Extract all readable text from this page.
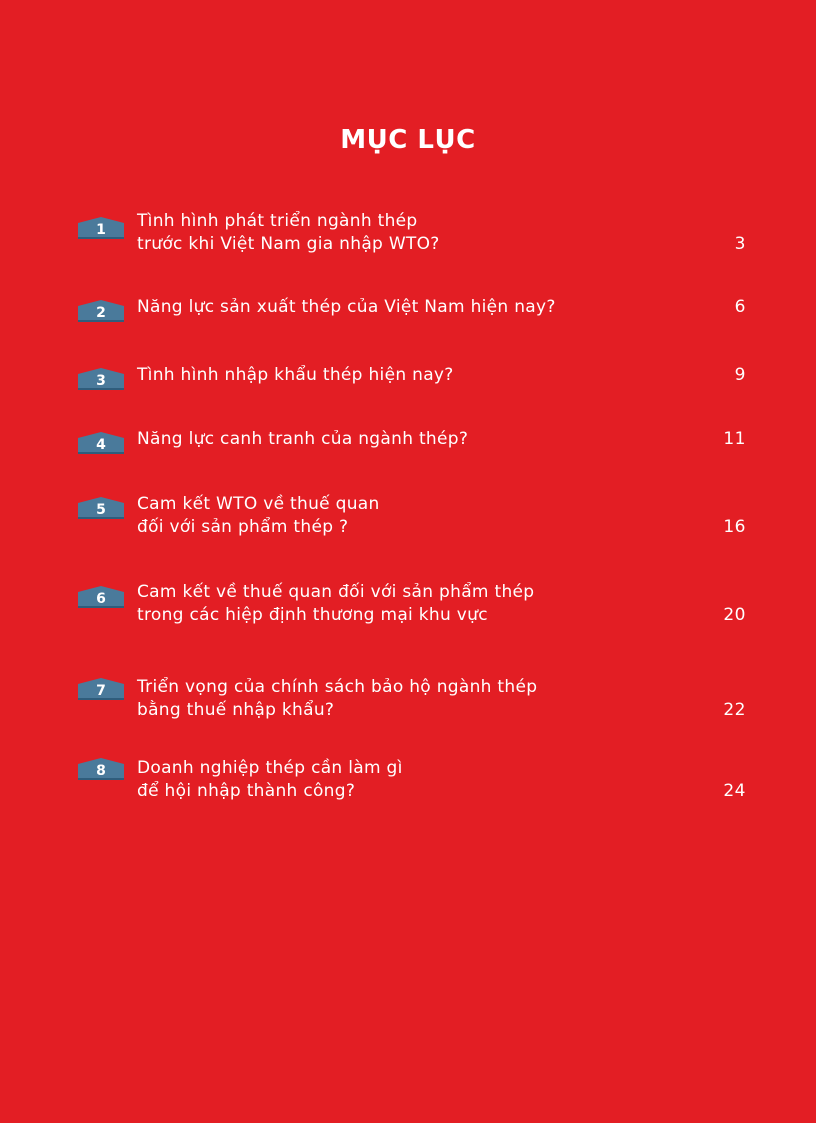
MỤC LỤC
1	Tình hình phát triển ngành thép
trước khi Việt Nam gia nhập WTO?	3
2	Năng lực sản xuất thép của Việt Nam hiện nay?	6
3	Tình hình nhập khẩu thép hiện nay?	9
4	Năng lực canh tranh của ngành thép?	11
5	Cam kết WTO về thuế quan
đối với sản phẩm thép ?	16
6	Cam kết về thuế quan đối với sản phẩm thép
trong các hiệp định thương mại khu vực	20
7	Triển vọng của chính sách bảo hộ ngành thép
bằng thuế nhập khẩu?	22
8	Doanh nghiệp thép cần làm gì
để hội nhập thành công?	24
